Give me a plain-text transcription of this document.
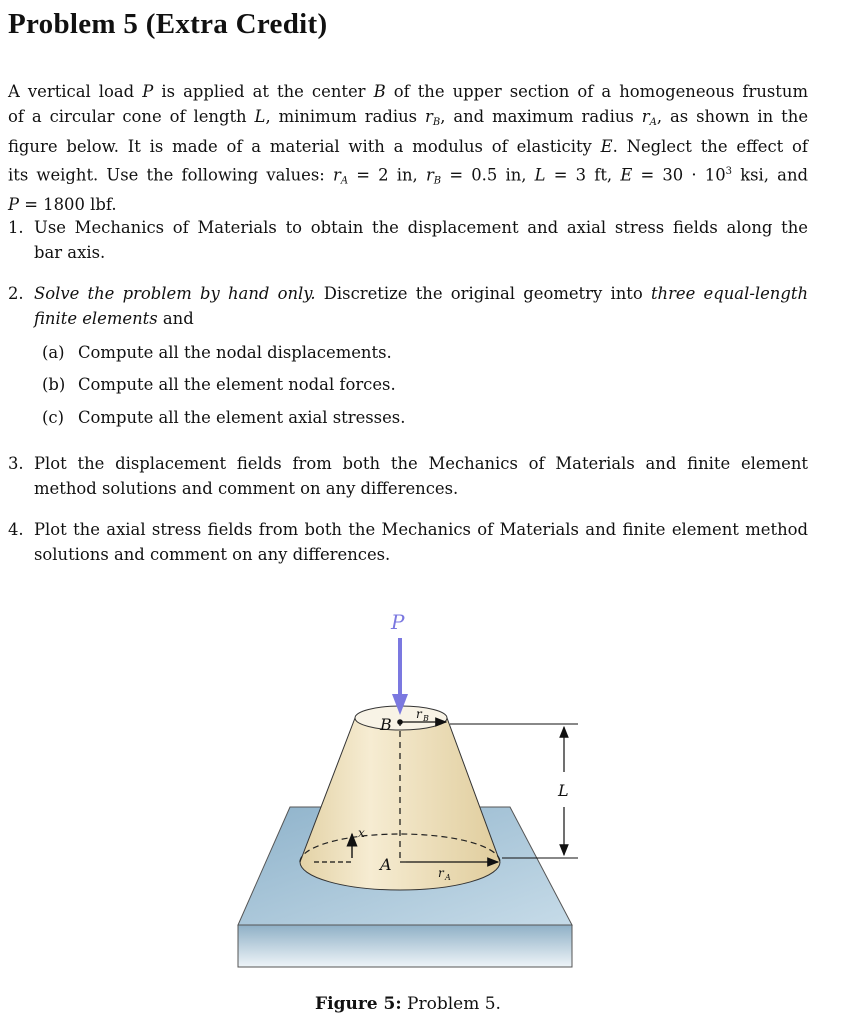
Problem 5 (Extra Credit)
A vertical load P is applied at the center B of the upper section of a homogeneous frustum
of a circular cone of length L, minimum radius $r_B$, and maximum radius $r_A$, as shown in the
figure below. It is made of a material with a modulus of elasticity E. Neglect the effect of
its weight. Use the following values: $r_A = 2$ in, $r_B = 0.5$ in, L = 3 ft, $E = 30 \cdot 10^3$ ksi, and
P = 1800 lbf.
1. Use Mechanics of Materials to obtain the displacement and axial stress fields along the
bar axis.
2. Solve the problem by hand only. Discretize the original geometry into three equal-length
finite elements and
(a) Compute all the nodal displacements.
(b) Compute all the element nodal forces.
(c) Compute all the element axial stresses.
3. Plot the displacement fields from both the Mechanics of Materials and finite element
method solutions and comment on any differences.
4. Plot the axial stress fields from both the Mechanics of Materials and finite element method
solutions and comment on any differences.
P
B
r B
x
A	r A
L
Figure 5: Problem 5.
